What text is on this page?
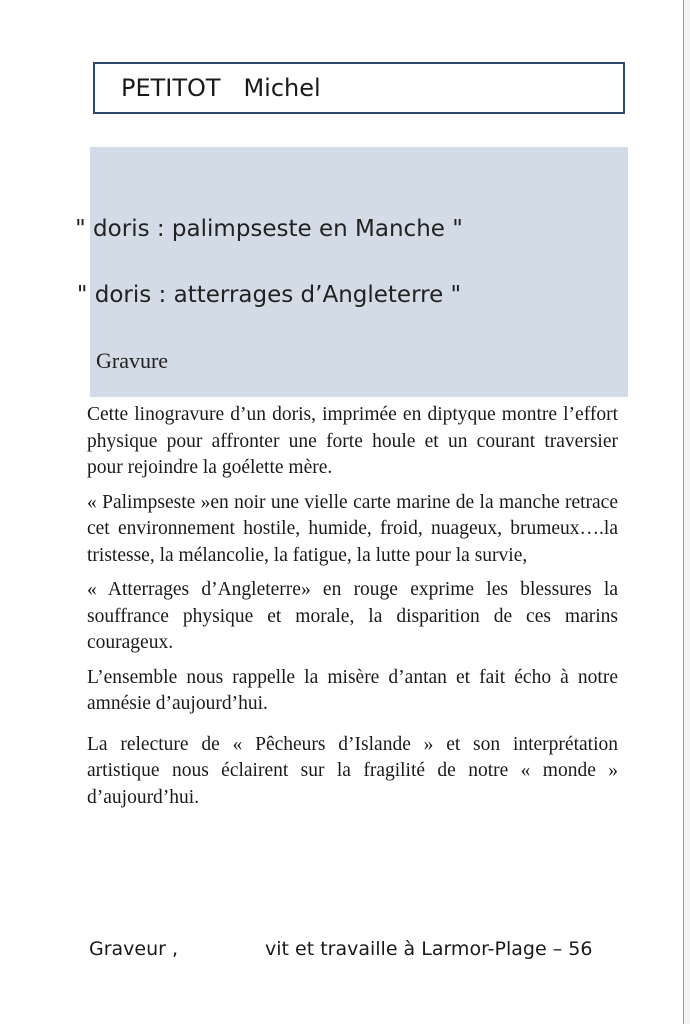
PETITOT   Michel
" doris : palimpseste en Manche "
" doris : atterrages d’Angleterre "
Gravure

Cette linogravure d’un doris, imprimée en diptyque montre l’effort physique pour affronter une forte houle et un courant traversier pour rejoindre la goélette mère.

« Palimpseste »en noir une vielle carte marine de la manche retrace cet environnement hostile, humide, froid, nuageux, brumeux….la tristesse, la mélancolie, la fatigue, la lutte pour la survie,

« Atterrages d’Angleterre» en rouge exprime les blessures la souffrance physique et morale, la disparition de ces marins courageux.

L’ensemble nous rappelle la misère d’antan et fait écho à notre amnésie d’aujourd’hui.

La relecture de « Pêcheurs d’Islande » et son interprétation artistique nous éclairent sur la fragilité de notre « monde » d’aujourd’hui.

Graveur ,	vit et travaille à Larmor-Plage – 56
